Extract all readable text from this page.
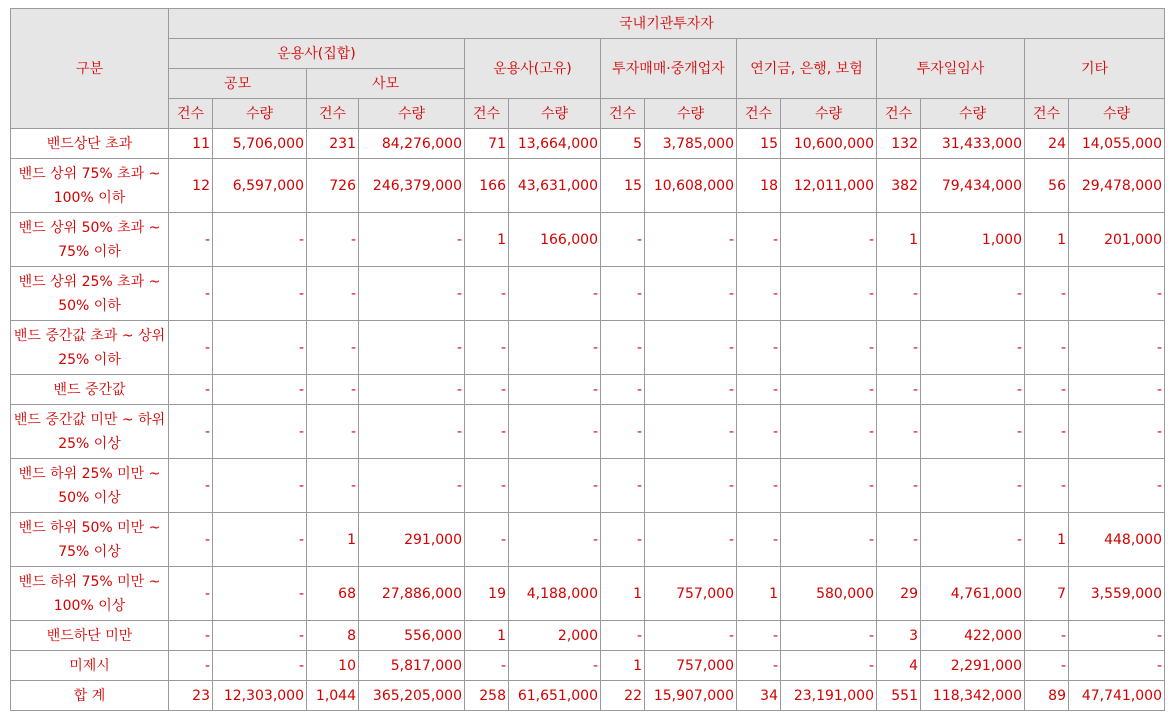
구분	국내기관투자자													
	운용사(집합)				운용사(고유)		투자매매·중개업자		연기금, 은행, 보험		투자일임사		기타	
	공모		사모											
	건수	수량	건수	수량	건수	수량	건수	수량	건수	수량	건수	수량	건수	수량
밴드상단 초과	11	5,706,000	231	84,276,000	71	13,664,000	5	3,785,000	15	10,600,000	132	31,433,000	24	14,055,000
밴드 상위 75% 초과 ~ 100% 이하	12	6,597,000	726	246,379,000	166	43,631,000	15	10,608,000	18	12,011,000	382	79,434,000	56	29,478,000
밴드 상위 50% 초과 ~ 75% 이하	-	-	-	-	1	166,000	-	-	-	-	1	1,000	1	201,000
밴드 상위 25% 초과 ~ 50% 이하	-	-	-	-	-	-	-	-	-	-	-	-	-	-
밴드 중간값 초과 ~ 상위 25% 이하	-	-	-	-	-	-	-	-	-	-	-	-	-	-
밴드 중간값	-	-	-	-	-	-	-	-	-	-	-	-	-	-
밴드 중간값 미만 ~ 하위 25% 이상	-	-	-	-	-	-	-	-	-	-	-	-	-	-
밴드 하위 25% 미만 ~ 50% 이상	-	-	-	-	-	-	-	-	-	-	-	-	-	-
밴드 하위 50% 미만 ~ 75% 이상	-	-	1	291,000	-	-	-	-	-	-	-	-	1	448,000
밴드 하위 75% 미만 ~ 100% 이상	-	-	68	27,886,000	19	4,188,000	1	757,000	1	580,000	29	4,761,000	7	3,559,000
밴드하단 미만	-	-	8	556,000	1	2,000	-	-	-	-	3	422,000	-	-
미제시	-	-	10	5,817,000	-	-	1	757,000	-	-	4	2,291,000	-	-
합 계	23	12,303,000	1,044	365,205,000	258	61,651,000	22	15,907,000	34	23,191,000	551	118,342,000	89	47,741,000
